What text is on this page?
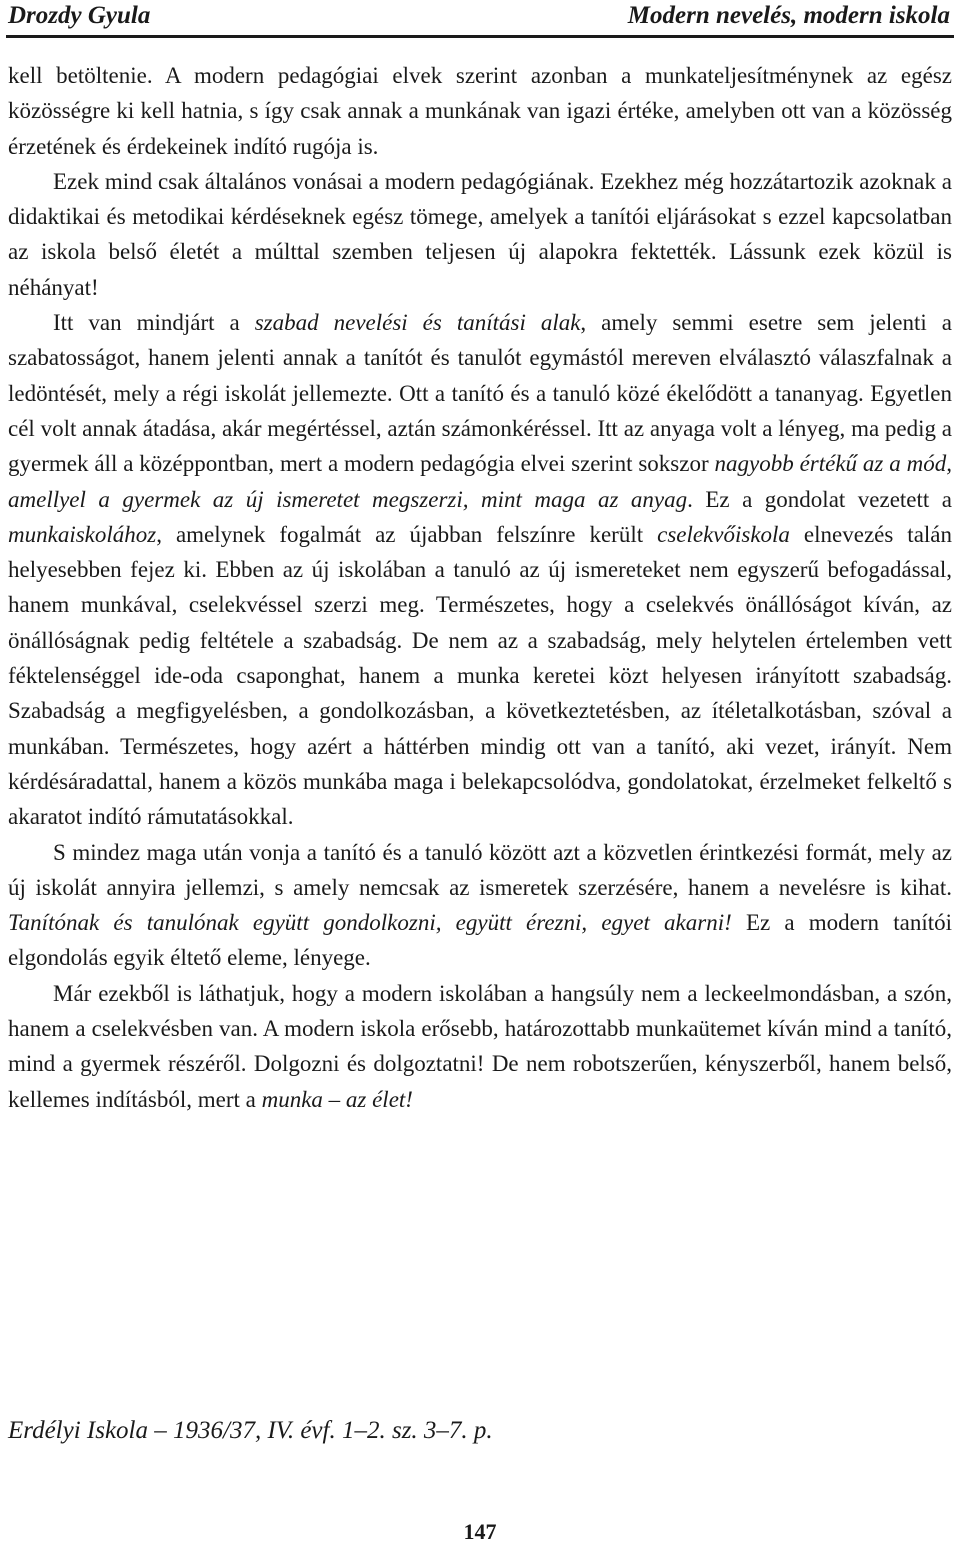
Drozdy Gyula	Modern nevelés, modern iskola

kell betöltenie. A modern pedagógiai elvek szerint azonban a munkateljesítménynek az egész közösségre ki kell hatnia, s így csak annak a munkának van igazi értéke, amelyben ott van a közösség érzetének és érdekeinek indító rugója is.

Ezek mind csak általános vonásai a modern pedagógiának. Ezekhez még hozzátartozik azoknak a didaktikai és metodikai kérdéseknek egész tömege, amelyek a tanítói eljárásokat s ezzel kapcsolatban az iskola belső életét a múlttal szemben teljesen új alapokra fektették. Lássunk ezek közül is néhányat!

Itt van mindjárt a szabad nevelési és tanítási alak, amely semmi esetre sem jelenti a szabatosságot, hanem jelenti annak a tanítót és tanulót egymástól mereven elválasztó válaszfalnak a ledöntését, mely a régi iskolát jellemezte. Ott a tanító és a tanuló közé ékelődött a tananyag. Egyetlen cél volt annak átadása, akár megértéssel, aztán számonkéréssel. Itt az anyaga volt a lényeg, ma pedig a gyermek áll a középpontban, mert a modern pedagógia elvei szerint sokszor nagyobb értékű az a mód, amellyel a gyermek az új ismeretet megszerzi, mint maga az anyag. Ez a gondolat vezetett a munkaiskolához, amelynek fogalmát az újabban felszínre került cselekvőiskola elnevezés talán helyesebben fejez ki. Ebben az új iskolában a tanuló az új ismereteket nem egyszerű befogadással, hanem munkával, cselekvéssel szerzi meg. Természetes, hogy a cselekvés önállóságot kíván, az önállóságnak pedig feltétele a szabadság. De nem az a szabadság, mely helytelen értelemben vett féktelenséggel ide-oda csaponghat, hanem a munka keretei közt helyesen irányított szabadság. Szabadság a megfigyelésben, a gondolkozásban, a következtetésben, az ítéletalkotásban, szóval a munkában. Természetes, hogy azért a háttérben mindig ott van a tanító, aki vezet, irányít. Nem kérdésáradattal, hanem a közös munkába maga i belekapcsolódva, gondolatokat, érzelmeket felkeltő s akaratot indító rámutatásokkal.

S mindez maga után vonja a tanító és a tanuló között azt a közvetlen érintkezési formát, mely az új iskolát annyira jellemzi, s amely nemcsak az ismeretek szerzésére, hanem a nevelésre is kihat. Tanítónak és tanulónak együtt gondolkozni, együtt érezni, egyet akarni! Ez a modern tanítói elgondolás egyik éltető eleme, lényege.

Már ezekből is láthatjuk, hogy a modern iskolában a hangsúly nem a leckeelmondásban, a szón, hanem a cselekvésben van. A modern iskola erősebb, határozottabb munkaütemet kíván mind a tanító, mind a gyermek részéről. Dolgozni és dolgoztatni! De nem robotszerűen, kényszerből, hanem belső, kellemes indításból, mert a munka – az élet!

Erdélyi Iskola – 1936/37, IV. évf. 1–2. sz. 3–7. p.
147
